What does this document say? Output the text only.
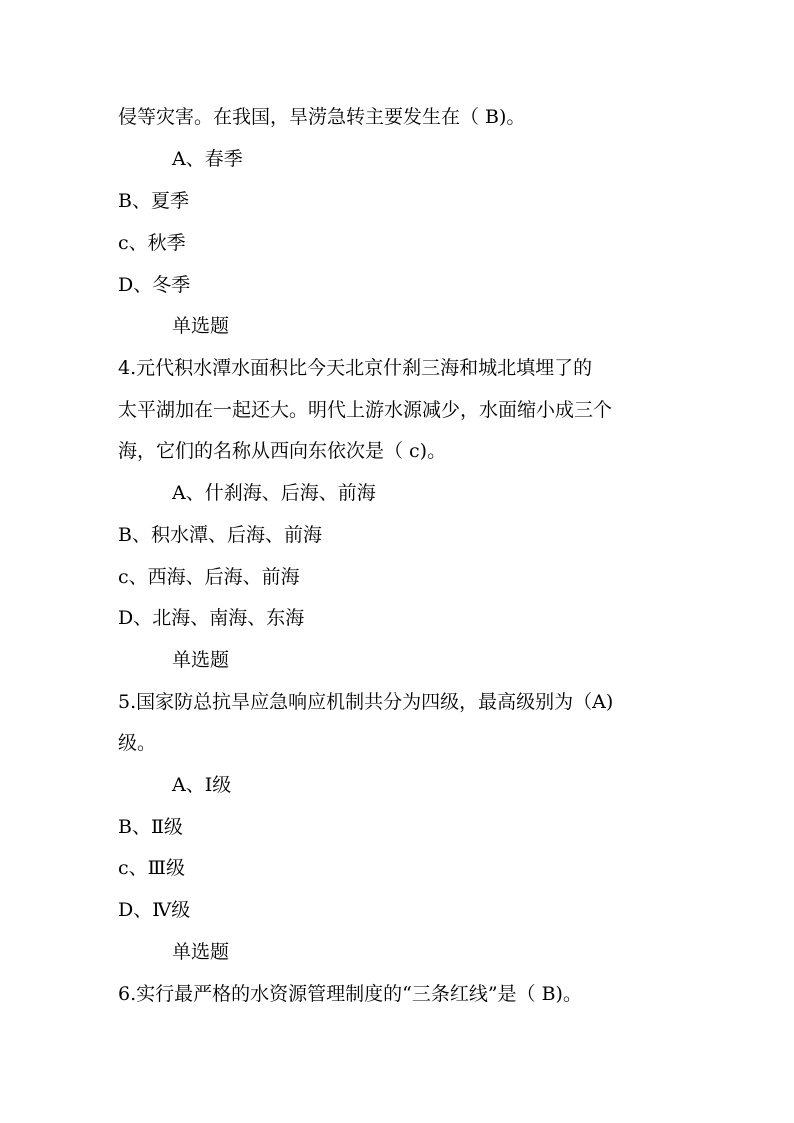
侵等灾害。在我国，旱涝急转主要发生在（ B)。
A、春季
B、夏季
c、秋季
D、冬季
单选题
4.元代积水潭水面积比今天北京什刹三海和城北填埋了的
太平湖加在一起还大。明代上游水源减少，水面缩小成三个
海，它们的名称从西向东依次是（ c)。
A、什刹海、后海、前海
B、积水潭、后海、前海
c、西海、后海、前海
D、北海、南海、东海
单选题
5.国家防总抗旱应急响应机制共分为四级，最高级别为（A)
级。
A、Ⅰ级
B、Ⅱ级
c、Ⅲ级
D、Ⅳ级
单选题
6.实行最严格的水资源管理制度的“三条红线”是（ B)。
